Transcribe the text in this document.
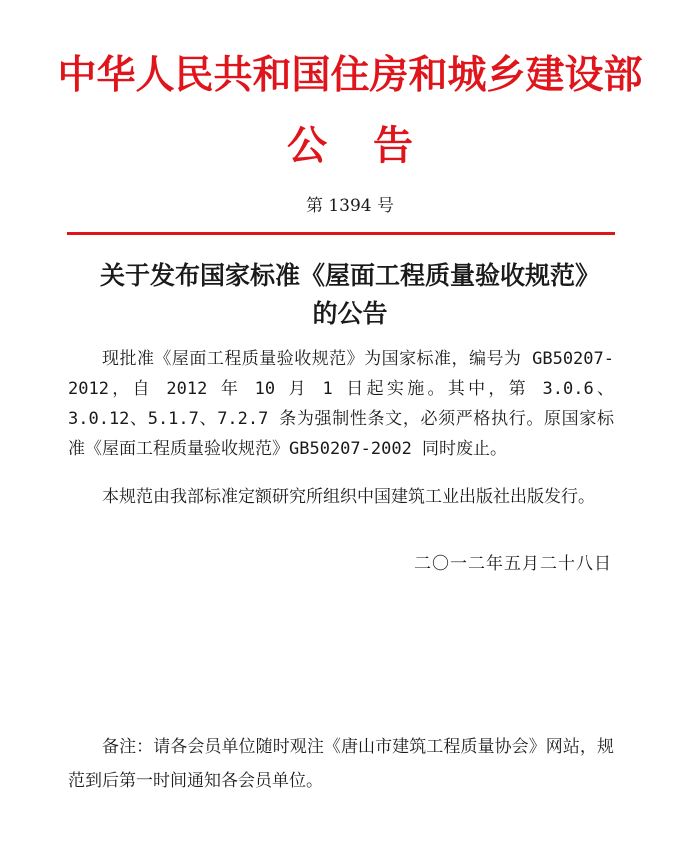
中华人民共和国住房和城乡建设部
公告
第 1394 号
关于发布国家标准《屋面工程质量验收规范》
的公告
现批准《屋面工程质量验收规范》为国家标准，编号为 GB50207-2012，自 2012 年 10 月 1 日起实施。其中，第 3.0.6、3.0.12、5.1.7、7.2.7 条为强制性条文，必须严格执行。原国家标准《屋面工程质量验收规范》GB50207-2002 同时废止。
本规范由我部标准定额研究所组织中国建筑工业出版社出版发行。
二〇一二年五月二十八日
备注：请各会员单位随时观注《唐山市建筑工程质量协会》网站，规范到后第一时间通知各会员单位。
